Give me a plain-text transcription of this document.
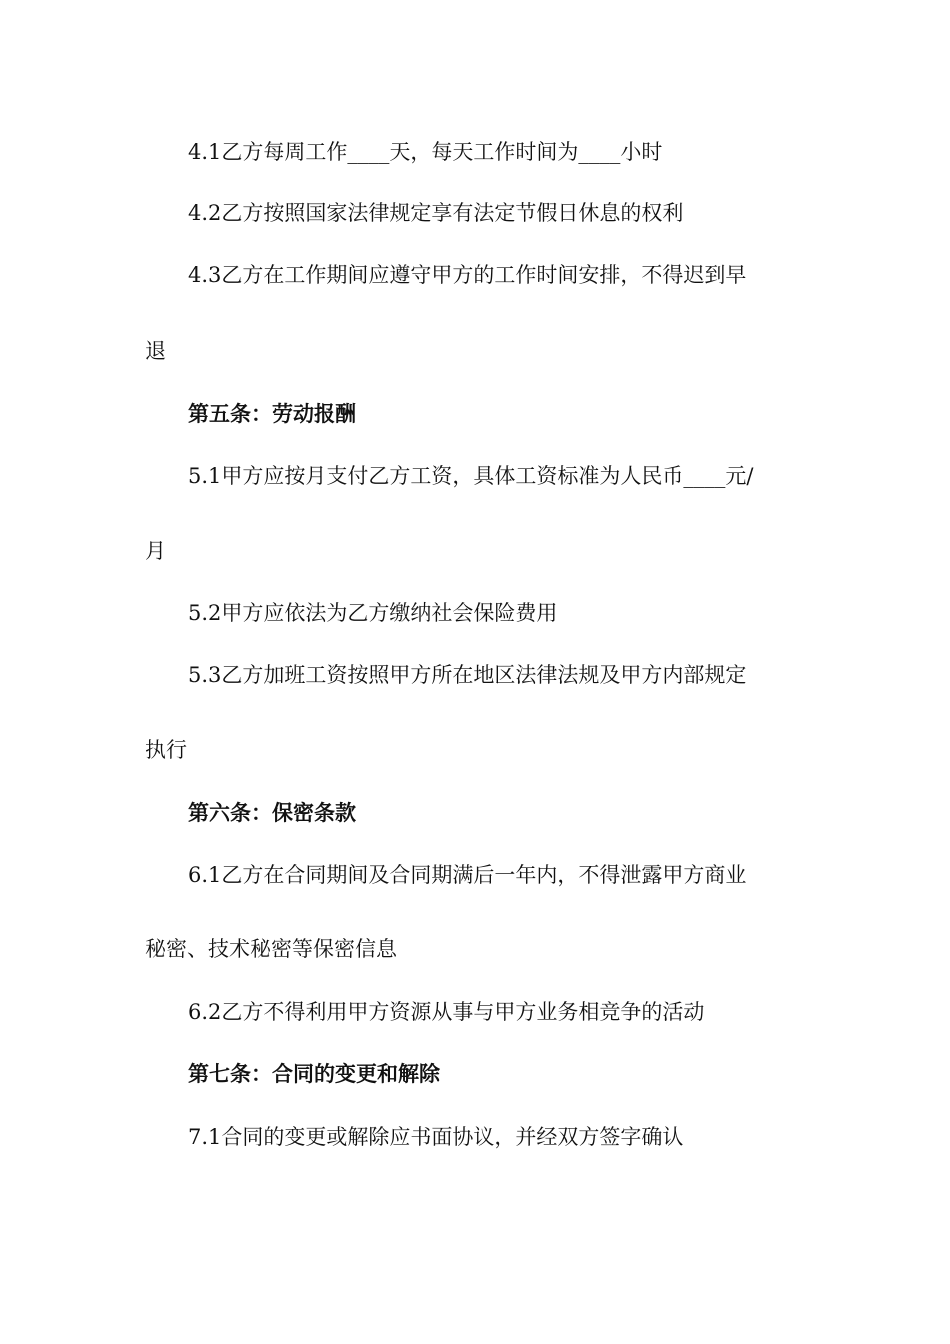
4.1乙方每周工作____天，每天工作时间为____小时
4.2乙方按照国家法律规定享有法定节假日休息的权利
4.3乙方在工作期间应遵守甲方的工作时间安排，不得迟到早
退
第五条：劳动报酬
5.1甲方应按月支付乙方工资，具体工资标准为人民币____元/
月
5.2甲方应依法为乙方缴纳社会保险费用
5.3乙方加班工资按照甲方所在地区法律法规及甲方内部规定
执行
第六条：保密条款
6.1乙方在合同期间及合同期满后一年内，不得泄露甲方商业
秘密、技术秘密等保密信息
6.2乙方不得利用甲方资源从事与甲方业务相竞争的活动
第七条：合同的变更和解除
7.1合同的变更或解除应书面协议，并经双方签字确认
